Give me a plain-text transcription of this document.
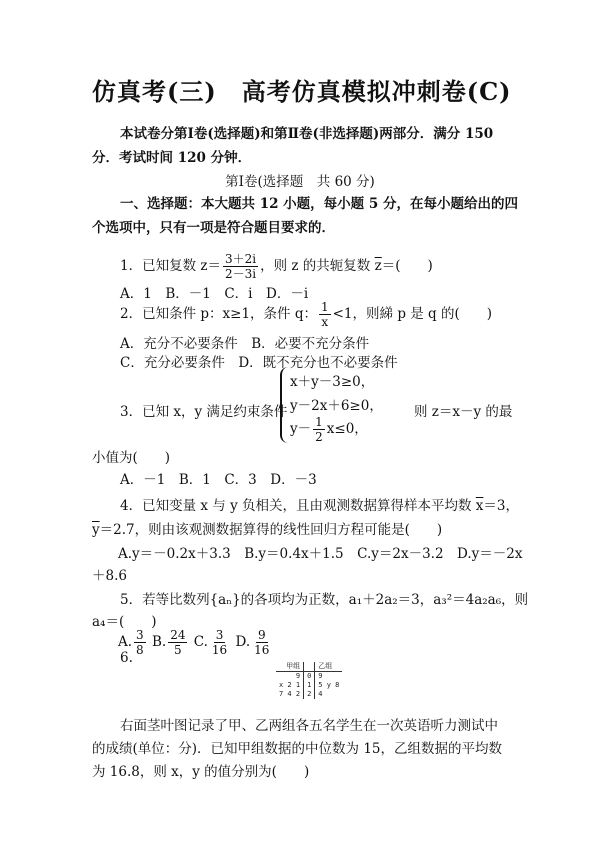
仿真考(三)　高考仿真模拟冲刺卷(C)
本试卷分第Ⅰ卷(选择题)和第Ⅱ卷(非选择题)两部分．满分 150 分．考试时间 120 分钟．
第Ⅰ卷(选择题　共 60 分)
一、选择题：本大题共 12 小题，每小题 5 分，在每小题给出的四个选项中，只有一项是符合题目要求的．
1．已知复数 $z= \frac{3+2i}{2-3i}$ ，则 z 的共轭复数 $\overline{z}=$(　　)
A．1　B．－1　C．i　D．－i
2．已知条件 p：x≥1，条件 q： $\frac{1}{x} <1$，则綈 p 是 q 的(　　)
A．充分不必要条件　B．必要不充分条件
C．充分必要条件　D．既不充分也不必要条件
3．已知 x，y 满足约束条件
x＋y－3≥0，
y－2x＋6≥0，
$y- \frac{1}{2} x\le 0$，
则 z＝x－y 的最
小值为(　　)
A．－1　B．1　C．3　D．－3
4．已知变量 x 与 y 负相关，且由观测数据算得样本平均数 $\overline{x}=3$，
$\overline{y}=2.7$，则由该观测数据算得的线性回归方程可能是(　　)
A.y＝－0.2x＋3.3　B.y＝0.4x＋1.5　C.y＝2x－3.2　D.y＝－2x
＋8.6
5．若等比数列{aₙ}的各项均为正数，a₁＋2a₂＝3，a₃²＝4a₂a₆，则
a₄＝(　　)
A. $\frac{3}{8} B$. $\frac{24}{5} C$. $\frac{3}{16} D$. $\frac{9}{16}$
6.	甲组		乙组
9	0	9
x 2 1	1	5 y 8
7 4 2	2	4
右面茎叶图记录了甲、乙两组各五名学生在一次英语听力测试中
的成绩(单位：分)．已知甲组数据的中位数为 15，乙组数据的平均数
为 16.8，则 x，y 的值分别为(　　)
